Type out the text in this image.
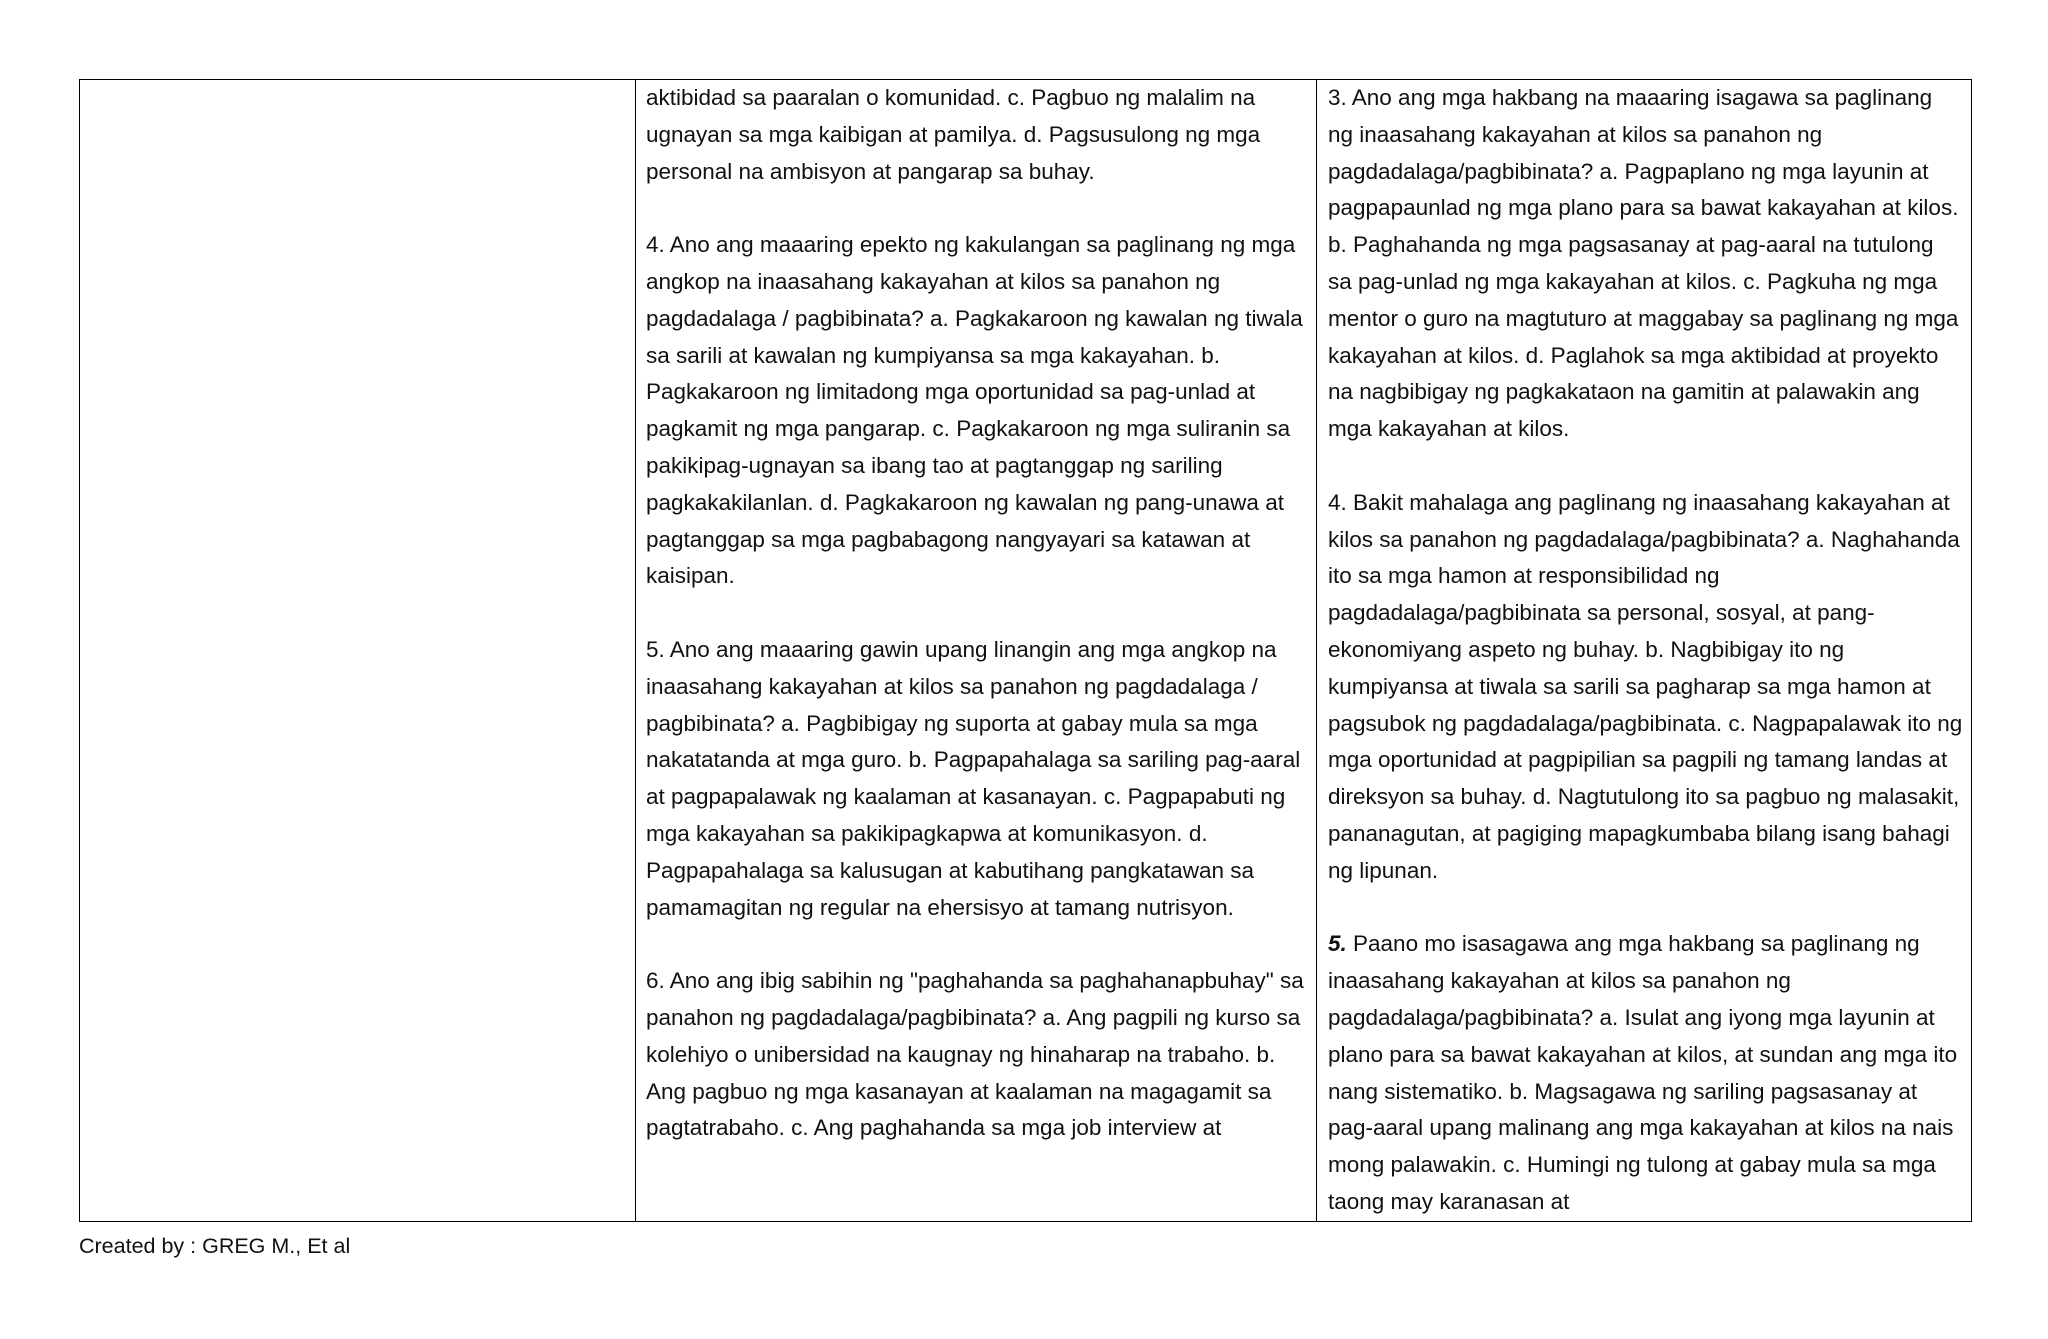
aktibidad sa paaralan o komunidad. c. Pagbuo ng malalim na ugnayan sa mga kaibigan at pamilya. d. Pagsusulong ng mga personal na ambisyon at pangarap sa buhay.

4. Ano ang maaaring epekto ng kakulangan sa paglinang ng mga angkop na inaasahang kakayahan at kilos sa panahon ng pagdadalaga / pagbibinata? a. Pagkakaroon ng kawalan ng tiwala sa sarili at kawalan ng kumpiyansa sa mga kakayahan. b. Pagkakaroon ng limitadong mga oportunidad sa pag-unlad at pagkamit ng mga pangarap. c. Pagkakaroon ng mga suliranin sa pakikipag-ugnayan sa ibang tao at pagtanggap ng sariling pagkakakilanlan. d. Pagkakaroon ng kawalan ng pang-unawa at pagtanggap sa mga pagbabagong nangyayari sa katawan at kaisipan.

5. Ano ang maaaring gawin upang linangin ang mga angkop na inaasahang kakayahan at kilos sa panahon ng pagdadalaga / pagbibinata? a. Pagbibigay ng suporta at gabay mula sa mga nakatatanda at mga guro. b. Pagpapahalaga sa sariling pag-aaral at pagpapalawak ng kaalaman at kasanayan. c. Pagpapabuti ng mga kakayahan sa pakikipagkapwa at komunikasyon. d. Pagpapahalaga sa kalusugan at kabutihang pangkatawan sa pamamagitan ng regular na ehersisyo at tamang nutrisyon.

6. Ano ang ibig sabihin ng "paghahanda sa paghahanapbuhay" sa panahon ng pagdadalaga/pagbibinata? a. Ang pagpili ng kurso sa kolehiyo o unibersidad na kaugnay ng hinaharap na trabaho. b. Ang pagbuo ng mga kasanayan at kaalaman na magagamit sa pagtatrabaho. c. Ang paghahanda sa mga job interview at

3. Ano ang mga hakbang na maaaring isagawa sa paglinang ng inaasahang kakayahan at kilos sa panahon ng pagdadalaga/pagbibinata? a. Pagpaplano ng mga layunin at pagpapaunlad ng mga plano para sa bawat kakayahan at kilos. b. Paghahanda ng mga pagsasanay at pag-aaral na tutulong sa pag-unlad ng mga kakayahan at kilos. c. Pagkuha ng mga mentor o guro na magtuturo at maggabay sa paglinang ng mga kakayahan at kilos. d. Paglahok sa mga aktibidad at proyekto na nagbibigay ng pagkakataon na gamitin at palawakin ang mga kakayahan at kilos.

4. Bakit mahalaga ang paglinang ng inaasahang kakayahan at kilos sa panahon ng pagdadalaga/pagbibinata? a. Naghahanda ito sa mga hamon at responsibilidad ng pagdadalaga/pagbibinata sa personal, sosyal, at pang-ekonomiyang aspeto ng buhay. b. Nagbibigay ito ng kumpiyansa at tiwala sa sarili sa pagharap sa mga hamon at pagsubok ng pagdadalaga/pagbibinata. c. Nagpapalawak ito ng mga oportunidad at pagpipilian sa pagpili ng tamang landas at direksyon sa buhay. d. Nagtutulong ito sa pagbuo ng malasakit, pananagutan, at pagiging mapagkumbaba bilang isang bahagi ng lipunan.

5. Paano mo isasagawa ang mga hakbang sa paglinang ng inaasahang kakayahan at kilos sa panahon ng pagdadalaga/pagbibinata? a. Isulat ang iyong mga layunin at plano para sa bawat kakayahan at kilos, at sundan ang mga ito nang sistematiko. b. Magsagawa ng sariling pagsasanay at pag-aaral upang malinang ang mga kakayahan at kilos na nais mong palawakin. c. Humingi ng tulong at gabay mula sa mga taong may karanasan at

Created by : GREG M., Et al
